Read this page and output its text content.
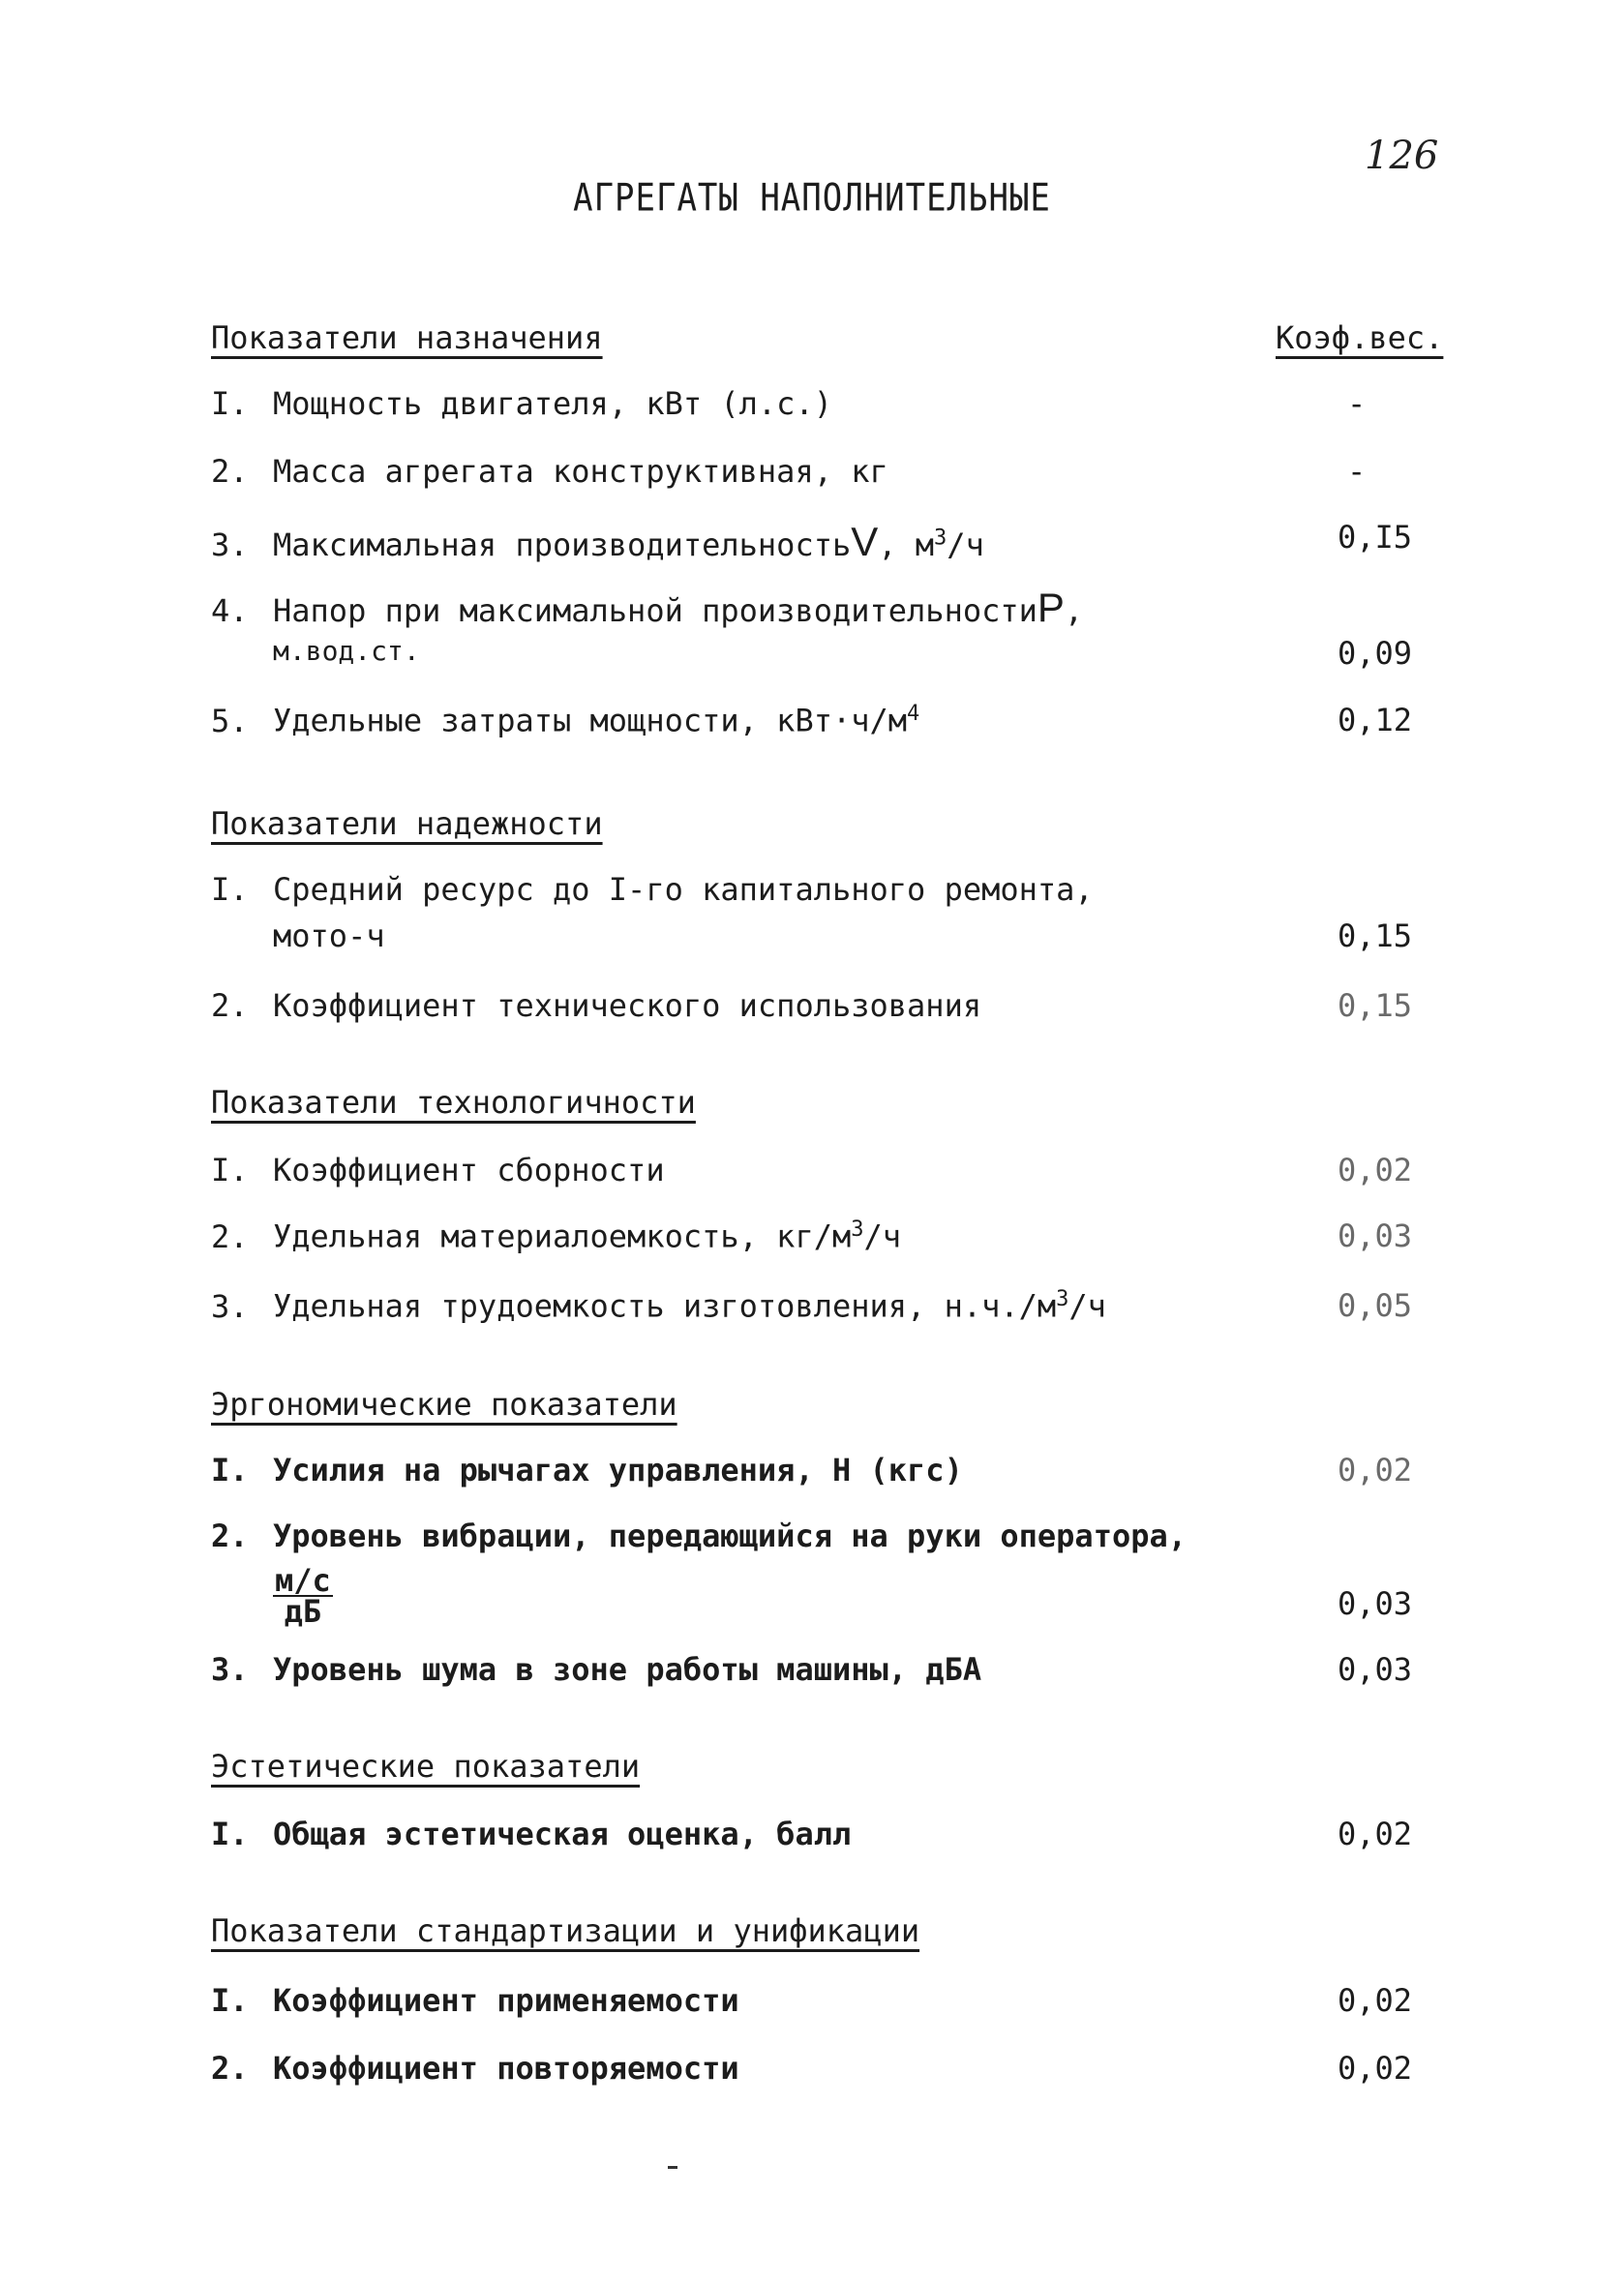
126
АГРЕГАТЫ НАПОЛНИТЕЛЬНЫЕ
Показатели назначения	Коэф.вес.
I. Мощность двигателя, кВт (л.с.)	-
2. Масса агрегата конструктивная, кг	-
3. Максимальная производительностьV, $м^3/ч$	0,I5
4. Напор при максимальной производительностиP,
м.вод.ст.	0,09
5. Удельные затраты мощности, $кВт\cdot ч/м^4$	0,12
Показатели надежности
I. Средний ресурс до I-го капитального ремонта,
мото-ч	0,15
2. Коэффициент технического использования	0,15
Показатели технологичности
I. Коэффициент сборности	0,02
2. Удельная материалоемкость, $кг/м^3/ч$	0,03
3. Удельная трудоемкость изготовления, $н.ч./м^3/ч$	0,05
Эргономические показатели
I. Усилия на рычагах управления, Н (кгс)	0,02
2. Уровень вибрации, передающийся на руки оператора,
$\frac{м/с}{дБ}$	0,03
3. Уровень шума в зоне работы машины, дБА	0,03
Эстетические показатели
I. Общая эстетическая оценка, балл	0,02
Показатели стандартизации и унификации
I. Коэффициент применяемости	0,02
2. Коэффициент повторяемости	0,02
